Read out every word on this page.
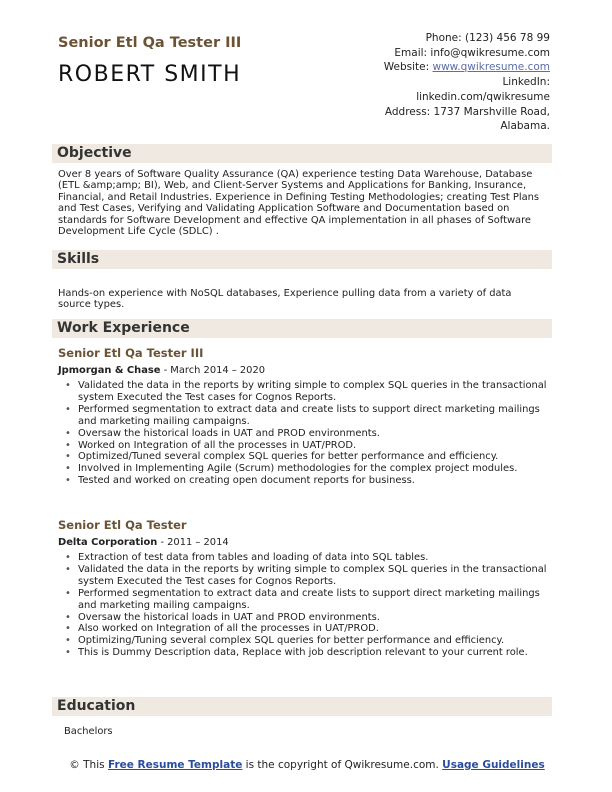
Senior Etl Qa Tester III
ROBERT SMITH
Phone: (123) 456 78 99
Email: info@qwikresume.com
Website: www.qwikresume.com
LinkedIn:
linkedin.com/qwikresume
Address: 1737 Marshville Road,
Alabama.
Objective
Over 8 years of Software Quality Assurance (QA) experience testing Data Warehouse, Database (ETL &amp;amp; BI), Web, and Client-Server Systems and Applications for Banking, Insurance, Financial, and Retail Industries. Experience in Defining Testing Methodologies; creating Test Plans and Test Cases, Verifying and Validating Application Software and Documentation based on standards for Software Development and effective QA implementation in all phases of Software Development Life Cycle (SDLC) .
Skills
Hands-on experience with NoSQL databases, Experience pulling data from a variety of data source types.
Work Experience
Senior Etl Qa Tester III
Jpmorgan & Chase - March 2014 – 2020
• Validated the data in the reports by writing simple to complex SQL queries in the transactional system Executed the Test cases for Cognos Reports.
• Performed segmentation to extract data and create lists to support direct marketing mailings and marketing mailing campaigns.
• Oversaw the historical loads in UAT and PROD environments.
• Worked on Integration of all the processes in UAT/PROD.
• Optimized/Tuned several complex SQL queries for better performance and efficiency.
• Involved in Implementing Agile (Scrum) methodologies for the complex project modules.
• Tested and worked on creating open document reports for business.
Senior Etl Qa Tester
Delta Corporation - 2011 – 2014
• Extraction of test data from tables and loading of data into SQL tables.
• Validated the data in the reports by writing simple to complex SQL queries in the transactional system Executed the Test cases for Cognos Reports.
• Performed segmentation to extract data and create lists to support direct marketing mailings and marketing mailing campaigns.
• Oversaw the historical loads in UAT and PROD environments.
• Also worked on Integration of all the processes in UAT/PROD.
• Optimizing/Tuning several complex SQL queries for better performance and efficiency.
• This is Dummy Description data, Replace with job description relevant to your current role.
Education
Bachelors
© This Free Resume Template is the copyright of Qwikresume.com. Usage Guidelines
